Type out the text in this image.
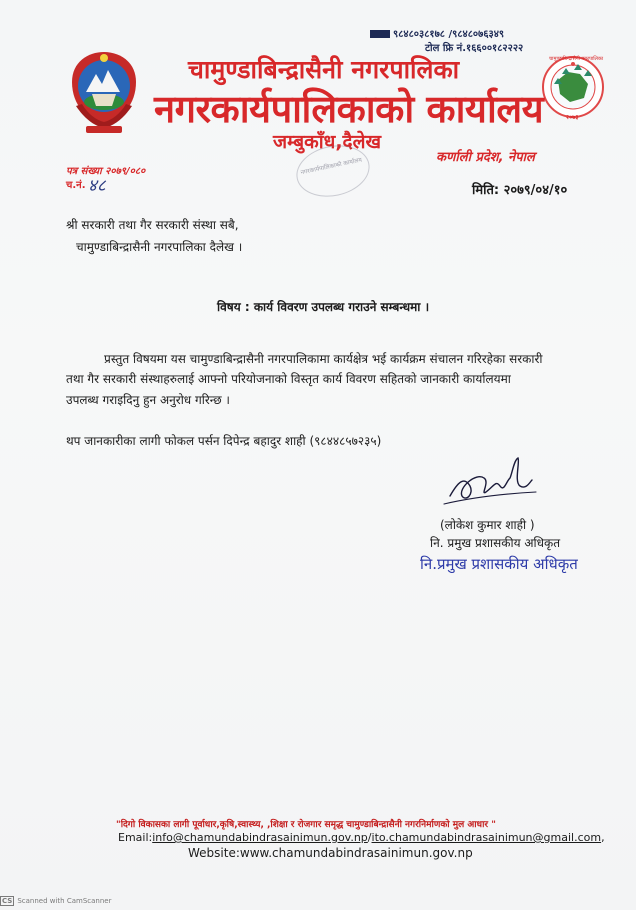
चामुण्डाबिन्द्रासैनी नगरपालिका
२०७३
९८४८०३८१७८ /९८४८०७६३४९
टोल फ्रि नं.१६६००१८२२२२
चामुण्डाबिन्द्रासैनी नगरपालिका
नगरकार्यपालिकाको कार्यालय
जम्बुकाँध,दैलेख
कर्णाली प्रदेश, नेपाल
नगरकार्यपालिकाको कार्यालय
पत्र संख्या २०७९/०८०
च.नं. ४८	मिति: २०७९/०४/१०
श्री सरकारी तथा गैर सरकारी संस्था सबै,
चामुण्डाबिन्द्रासैनी नगरपालिका दैलेख ।
विषय : कार्य विवरण उपलब्ध गराउने सम्बन्धमा ।
प्रस्तुत विषयमा यस चामुण्डाबिन्द्रासैनी नगरपालिकामा कार्यक्षेत्र भई कार्यक्रम संचालन गरिरहेका सरकारी
तथा गैर सरकारी संस्थाहरुलाई आफ्नो परियोजनाको विस्तृत कार्य विवरण सहितको जानकारी कार्यालयमा
उपलब्ध गराइदिनु हुन अनुरोध गरिन्छ ।
थप जानकारीका लागी फोकल पर्सन दिपेन्द्र बहादुर शाही (९८४४८५७२३५)
(लोकेश कुमार शाही )
नि. प्रमुख प्रशासकीय अधिकृत
नि.प्रमुख प्रशासकीय अधिकृत
"दिगो विकासका लागी पूर्वाधार,कृषि,स्वास्थ्य, ,शिक्षा र रोजगार समृद्ध चामुण्डाबिन्द्रासैनी नगरनिर्माणको मुल आधार "
Email:info@chamundabindrasainimun.gov.np/ito.chamundabindrasainimun@gmail.com,
Website:www.chamundabindrasainimun.gov.np
CS Scanned with CamScanner
